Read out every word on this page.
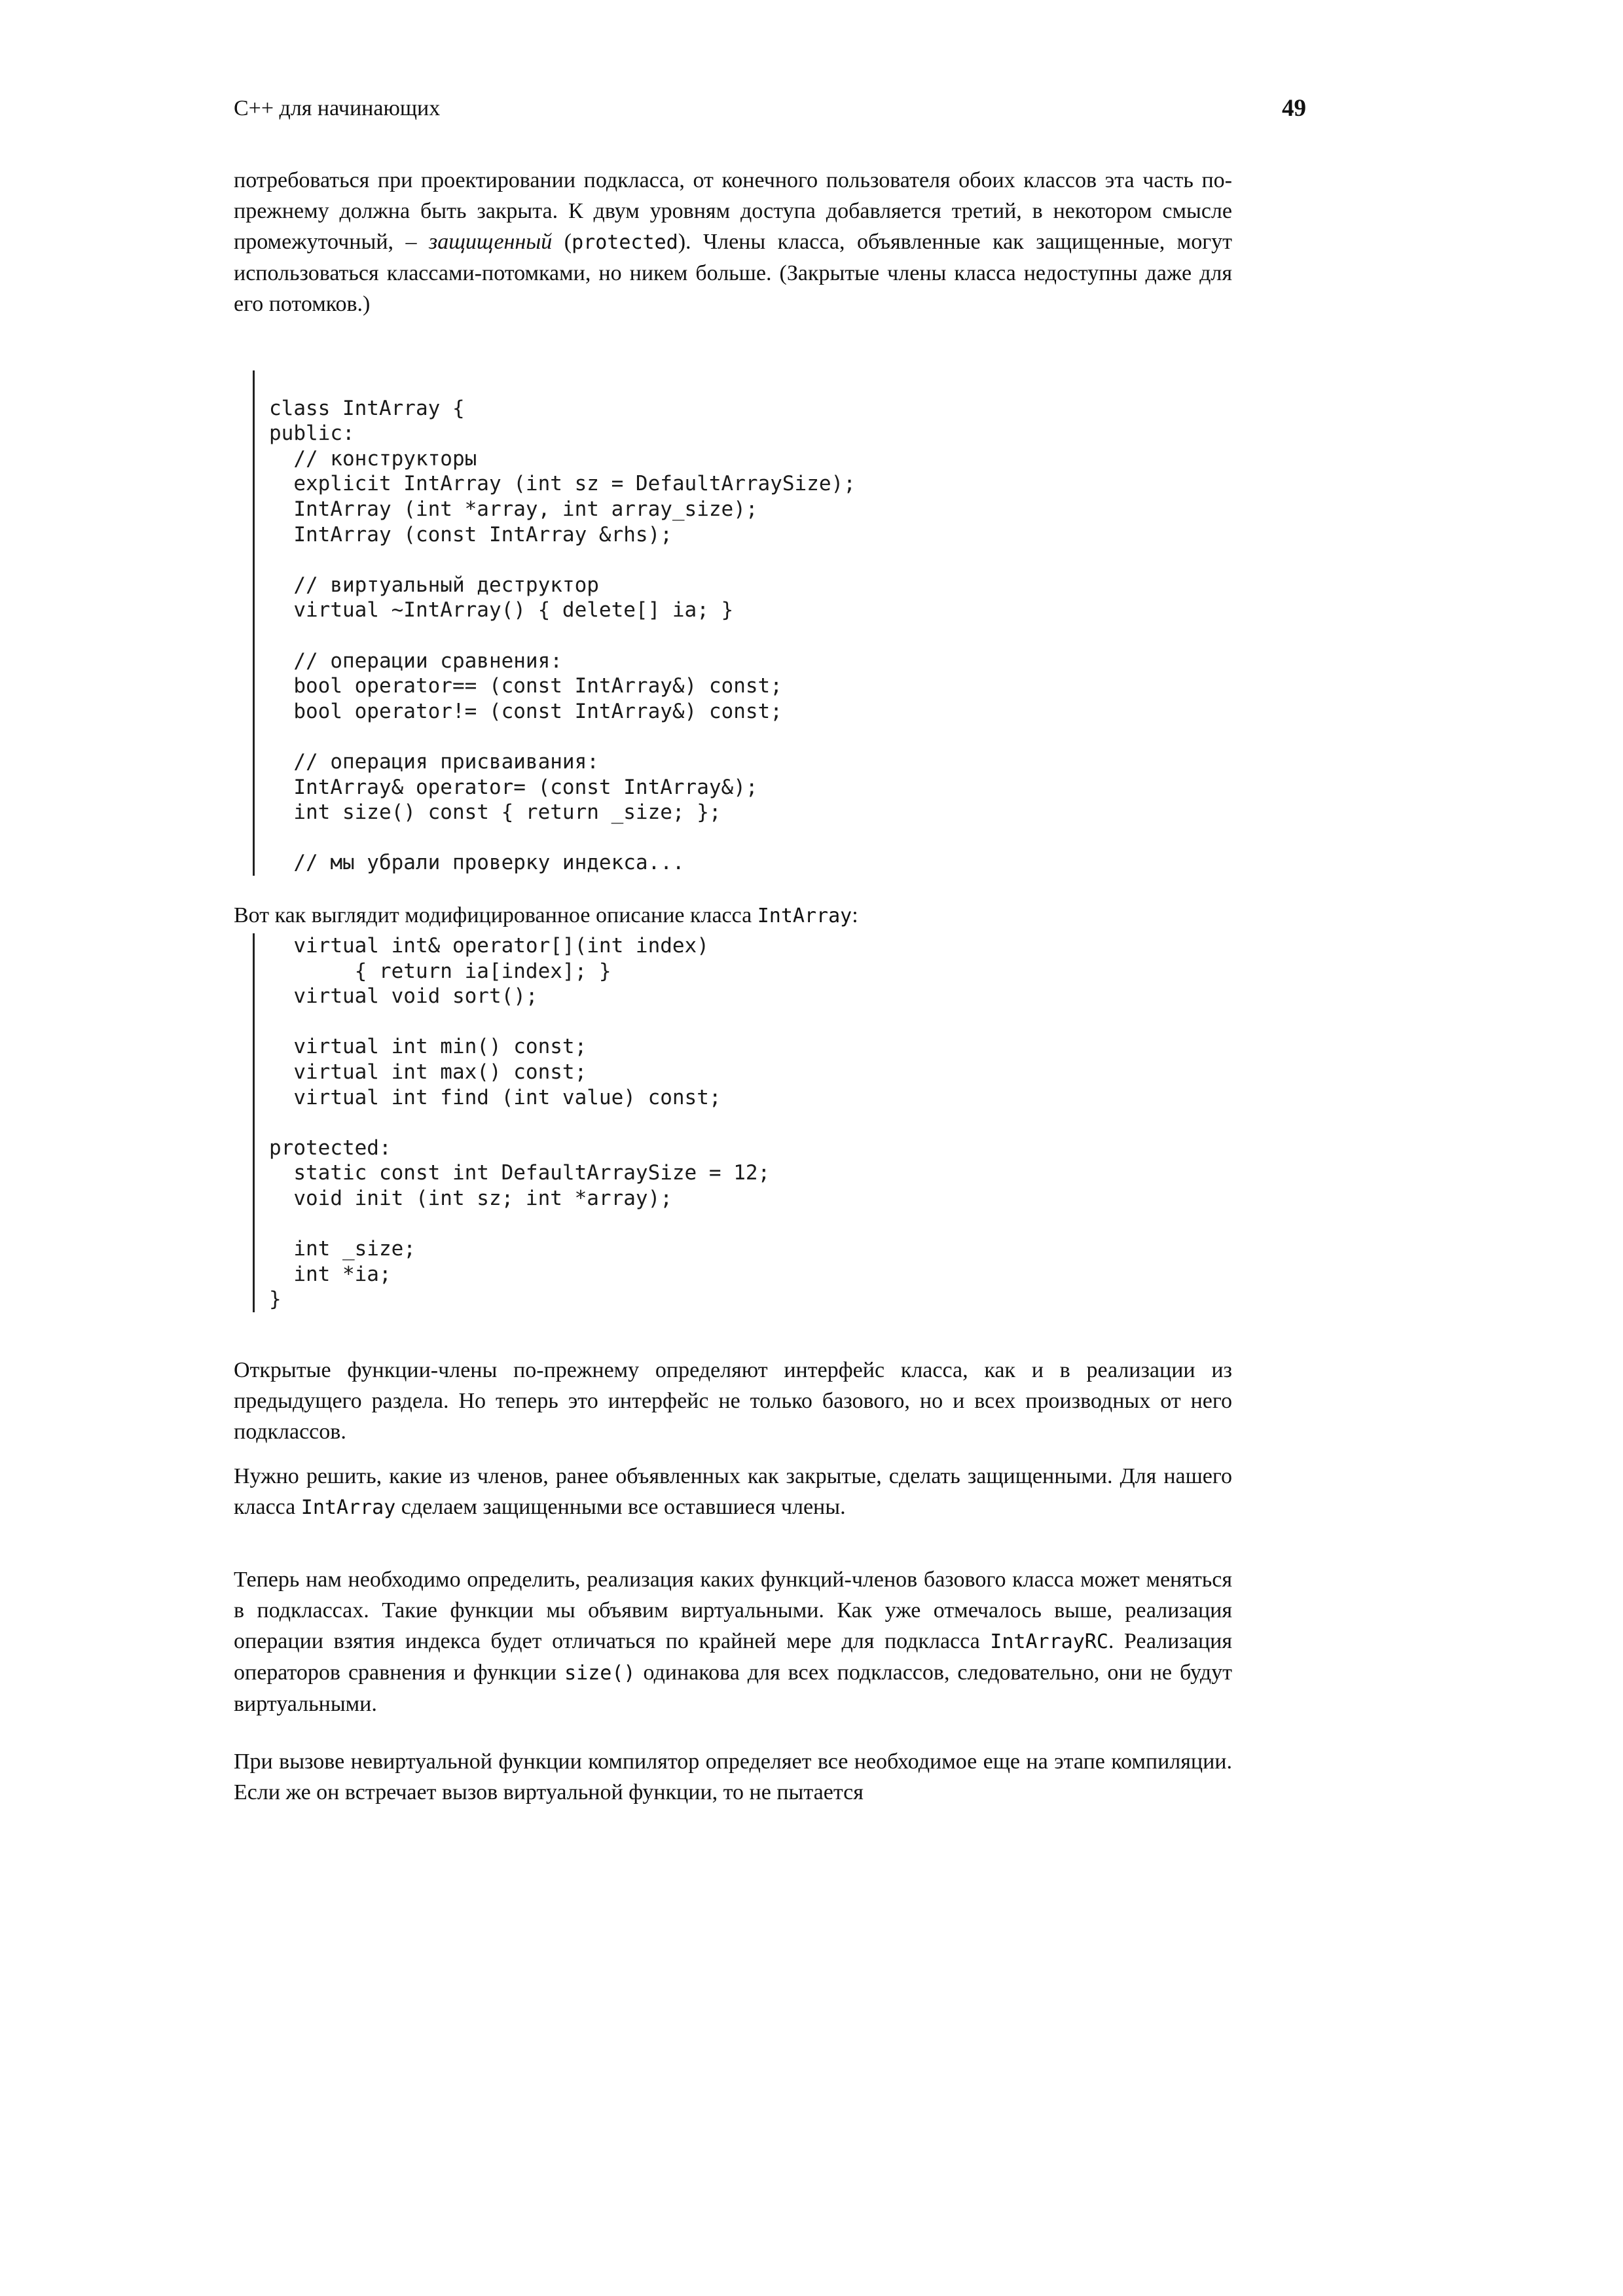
C++ для начинающих	49

потребоваться при проектировании подкласса, от конечного пользователя обоих классов эта часть по-прежнему должна быть закрыта. К двум уровням доступа добавляется третий, в некотором смысле промежуточный, – защищенный (protected). Члены класса, объявленные как защищенные, могут использоваться классами-потомками, но никем больше. (Закрытые члены класса недоступны даже для его потомков.)

class IntArray {
public:
// конструкторы
explicit IntArray (int sz = DefaultArraySize);
IntArray (int *array, int array_size);
IntArray (const IntArray &rhs);

// виртуальный деструктор
virtual ~IntArray() { delete[] ia; }

// операции сравнения:
bool operator== (const IntArray&) const;
bool operator!= (const IntArray&) const;

// операция присваивания:
IntArray& operator= (const IntArray&);
int size() const { return _size; };

// мы убрали проверку индекса...

Вот как выглядит модифицированное описание класса IntArray:

virtual int& operator[](int index)
{ return ia[index]; }
virtual void sort();

virtual int min() const;
virtual int max() const;
virtual int find (int value) const;

protected:
static const int DefaultArraySize = 12;
void init (int sz; int *array);

int _size;
int *ia;
}

Открытые функции-члены по-прежнему определяют интерфейс класса, как и в реализации из предыдущего раздела. Но теперь это интерфейс не только базового, но и всех производных от него подклассов.

Нужно решить, какие из членов, ранее объявленных как закрытые, сделать защищенными. Для нашего класса IntArray сделаем защищенными все оставшиеся члены.

Теперь нам необходимо определить, реализация каких функций-членов базового класса может меняться в подклассах. Такие функции мы объявим виртуальными. Как уже отмечалось выше, реализация операции взятия индекса будет отличаться по крайней мере для подкласса IntArrayRC. Реализация операторов сравнения и функции size() одинакова для всех подклассов, следовательно, они не будут виртуальными.

При вызове невиртуальной функции компилятор определяет все необходимое еще на этапе компиляции. Если же он встречает вызов виртуальной функции, то не пытается
